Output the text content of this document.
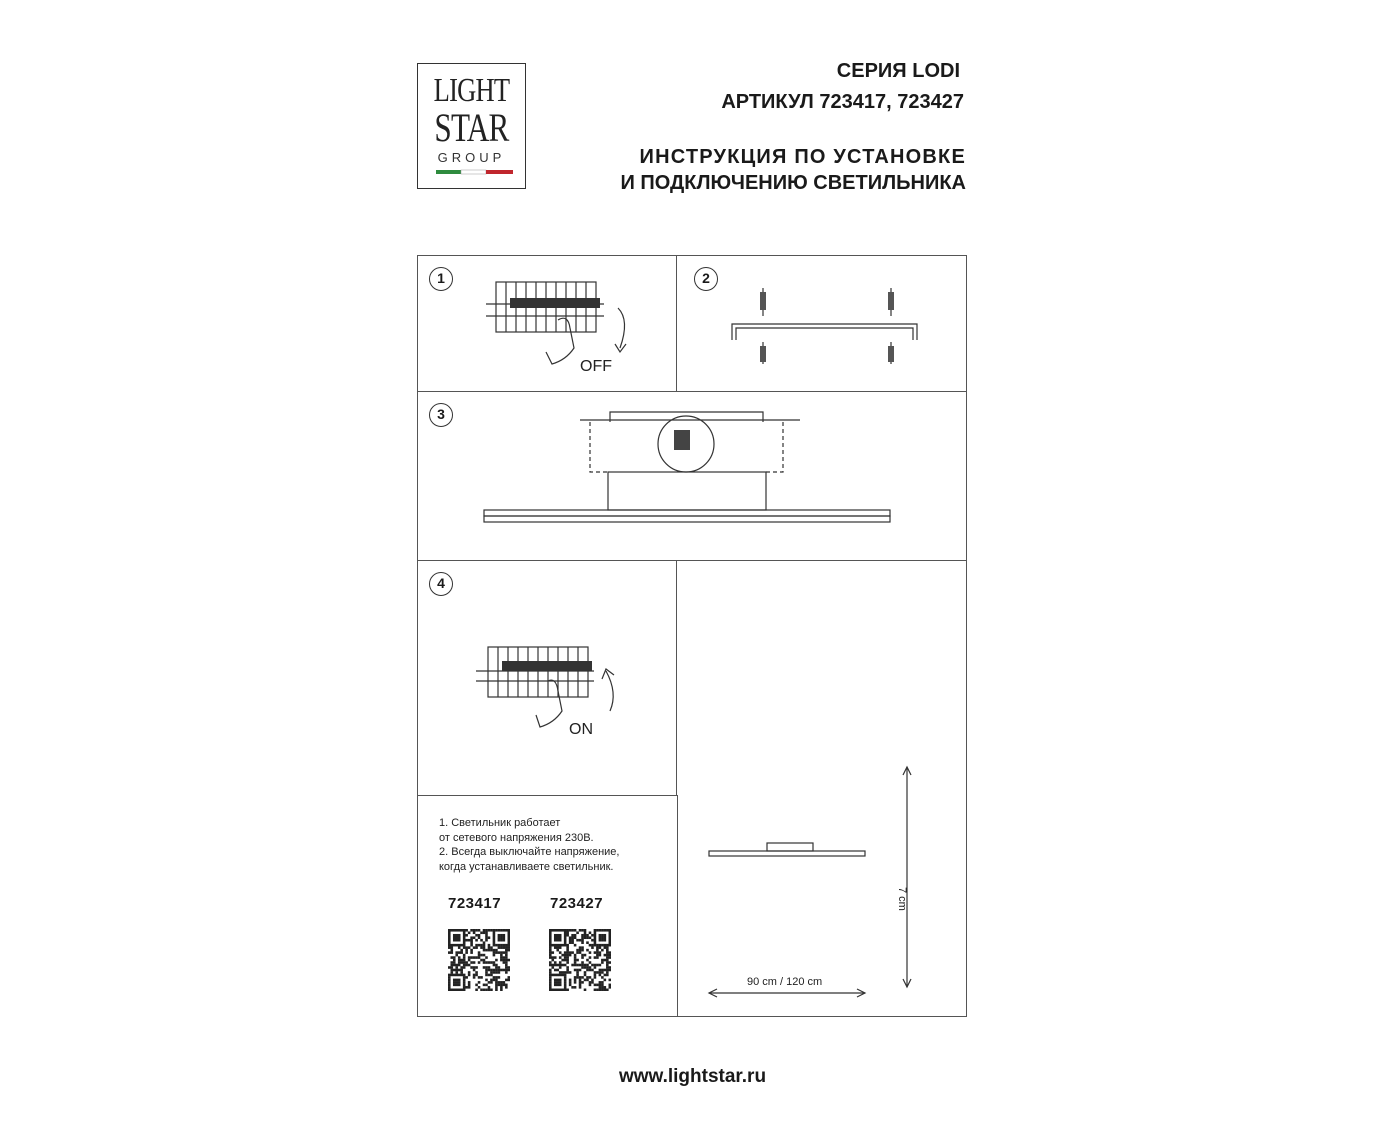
LIGHT
STAR
GROUP
СЕРИЯ LODI
АРТИКУЛ 723417, 723427
ИНСТРУКЦИЯ ПО УСТАНОВКЕ
И ПОДКЛЮЧЕНИЮ СВЕТИЛЬНИКА
1
OFF
2
3
4
ON
90 cm / 120 cm
7 cm
1. Светильник работает
от сетевого напряжения 230В.
2. Всегда выключайте напряжение,
когда устанавливаете светильник.
723417	723427
www.lightstar.ru
